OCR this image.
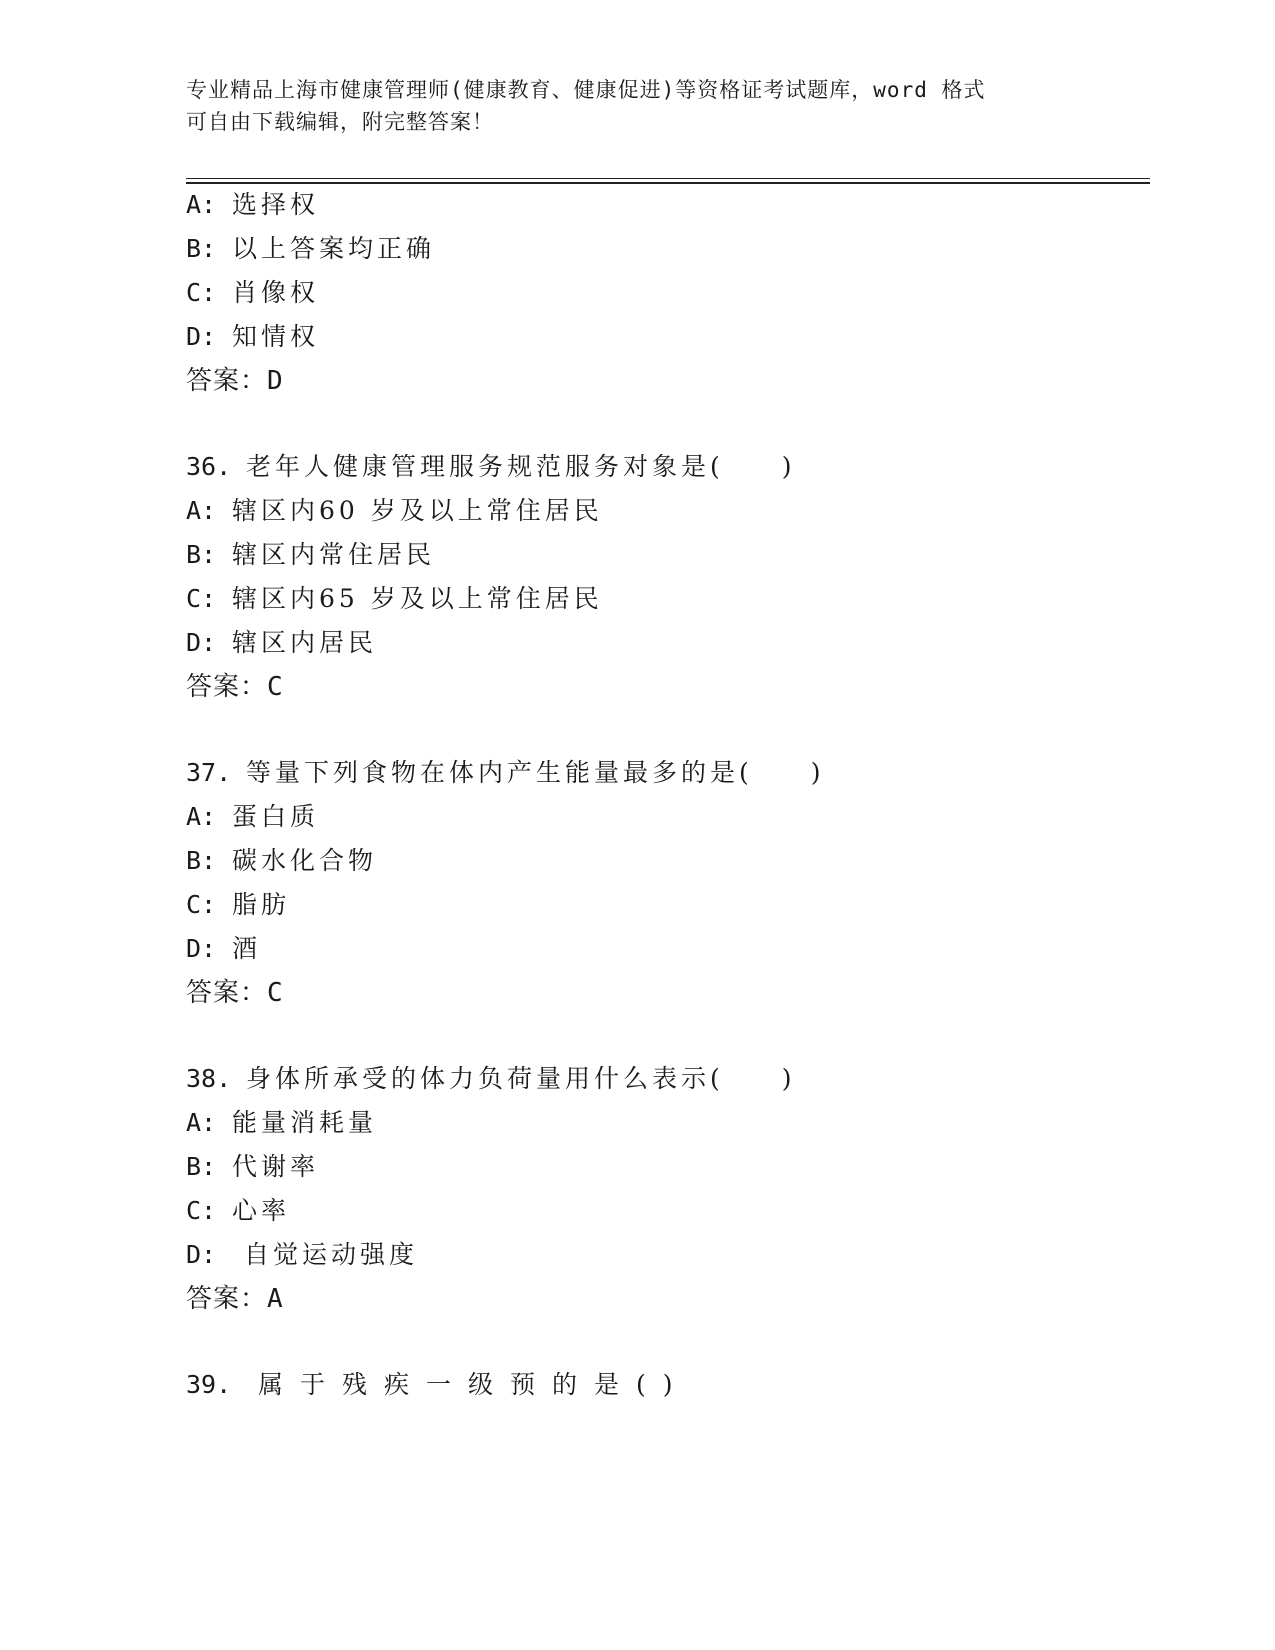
专业精品上海市健康管理师(健康教育、健康促进)等资格证考试题库，word 格式
可自由下载编辑，附完整答案！
A: 选择权
B: 以上答案均正确
C: 肖像权
D: 知情权
答案：D
36. 老年人健康管理服务规范服务对象是(　　)
A: 辖区内60 岁及以上常住居民
B: 辖区内常住居民
C: 辖区内65 岁及以上常住居民
D: 辖区内居民
答案：C
37. 等量下列食物在体内产生能量最多的是(　　)
A: 蛋白质
B: 碳水化合物
C: 脂肪
D: 酒
答案：C
38. 身体所承受的体力负荷量用什么表示(　　)
A: 能量消耗量
B: 代谢率
C: 心率
D: 自觉运动强度
答案：A
39. 属于残疾一级预的是()
